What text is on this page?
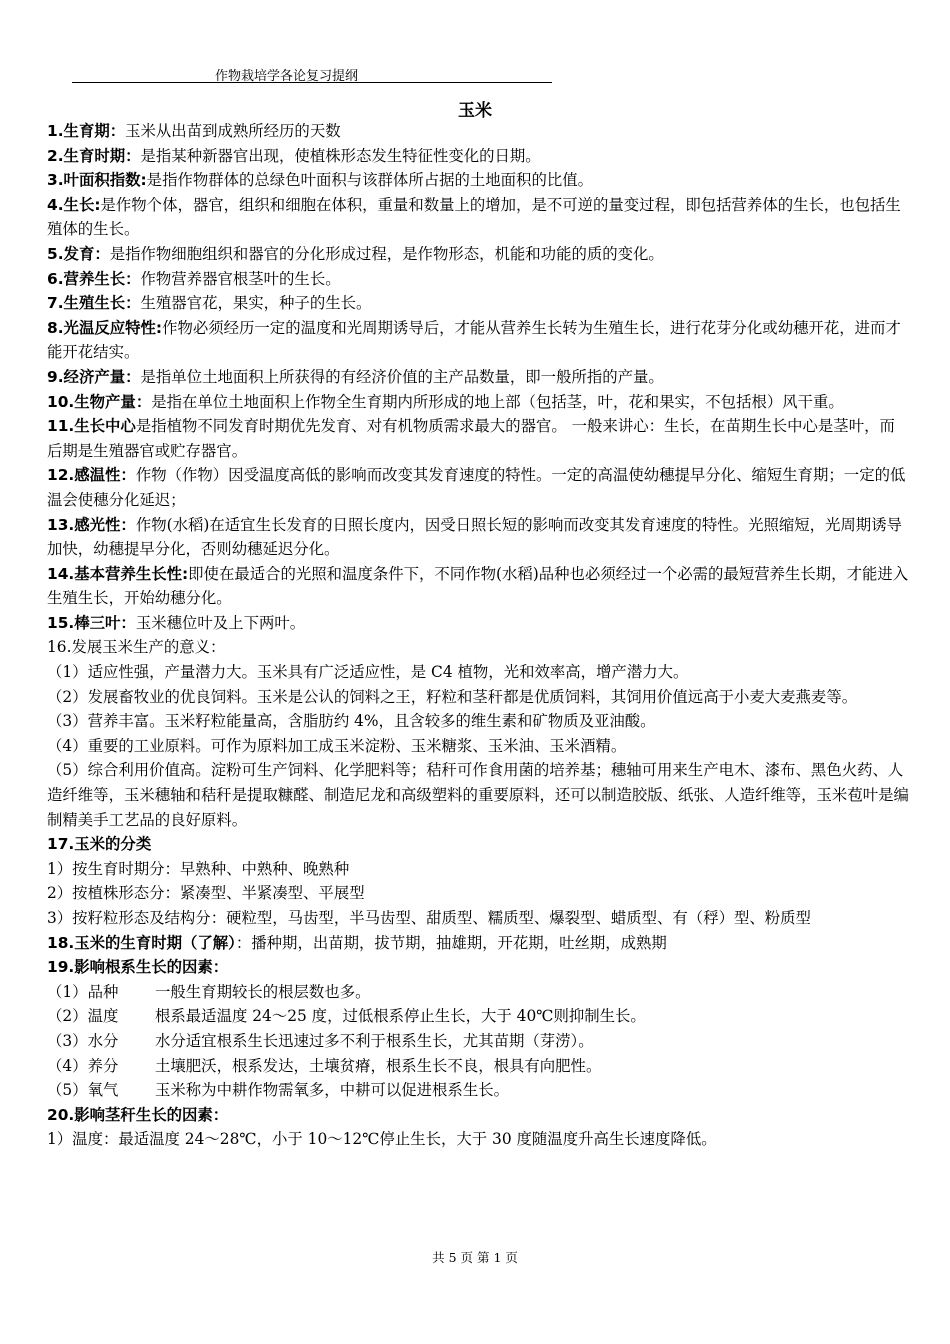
作物栽培学各论复习提纲
玉米
1.生育期：玉米从出苗到成熟所经历的天数
2.生育时期：是指某种新器官出现，使植株形态发生特征性变化的日期。
3.叶面积指数:是指作物群体的总绿色叶面积与该群体所占据的土地面积的比值。
4.生长:是作物个体，器官，组织和细胞在体积，重量和数量上的增加，是不可逆的量变过程，即包括营养体的生长，也包括生殖体的生长。
5.发育：是指作物细胞组织和器官的分化形成过程，是作物形态，机能和功能的质的变化。
6.营养生长：作物营养器官根茎叶的生长。
7.生殖生长：生殖器官花，果实，种子的生长。
8.光温反应特性:作物必须经历一定的温度和光周期诱导后，才能从营养生长转为生殖生长，进行花芽分化或幼穗开花，进而才能开花结实。
9.经济产量：是指单位土地面积上所获得的有经济价值的主产品数量，即一般所指的产量。
10.生物产量：是指在单位土地面积上作物全生育期内所形成的地上部（包括茎，叶，花和果实，不包括根）风干重。
11.生长中心是指植物不同发育时期优先发育、对有机物质需求最大的器官。 一般来讲心：生长，在苗期生长中心是茎叶，而后期是生殖器官或贮存器官。
12.感温性：作物（作物）因受温度高低的影响而改变其发育速度的特性。一定的高温使幼穗提早分化、缩短生育期；一定的低温会使穗分化延迟；
13.感光性：作物(水稻)在适宜生长发育的日照长度内，因受日照长短的影响而改变其发育速度的特性。光照缩短，光周期诱导加快，幼穗提早分化，否则幼穗延迟分化。
14.基本营养生长性:即使在最适合的光照和温度条件下，不同作物(水稻)品种也必须经过一个必需的最短营养生长期，才能进入生殖生长，开始幼穗分化。
15.棒三叶：玉米穗位叶及上下两叶。
16.发展玉米生产的意义：
（1）适应性强，产量潜力大。玉米具有广泛适应性，是 C4 植物，光和效率高，增产潜力大。
（2）发展畜牧业的优良饲料。玉米是公认的饲料之王，籽粒和茎秆都是优质饲料，其饲用价值远高于小麦大麦燕麦等。
（3）营养丰富。玉米籽粒能量高，含脂肪约 4%，且含较多的维生素和矿物质及亚油酸。
（4）重要的工业原料。可作为原料加工成玉米淀粉、玉米糖浆、玉米油、玉米酒精。
（5）综合利用价值高。淀粉可生产饲料、化学肥料等；秸秆可作食用菌的培养基；穗轴可用来生产电木、漆布、黑色火药、人造纤维等，玉米穗轴和秸秆是提取糠醛、制造尼龙和高级塑料的重要原料，还可以制造胶版、纸张、人造纤维等，玉米苞叶是编制精美手工艺品的良好原料。
17.玉米的分类
1）按生育时期分：早熟种、中熟种、晚熟种
2）按植株形态分：紧凑型、半紧凑型、平展型
3）按籽粒形态及结构分：硬粒型，马齿型，半马齿型、甜质型、糯质型、爆裂型、蜡质型、有（稃）型、粉质型
18.玉米的生育时期（了解）：播种期，出苗期，拔节期，抽雄期，开花期，吐丝期，成熟期
19.影响根系生长的因素：
（1）品种 一般生育期较长的根层数也多。
（2）温度 根系最适温度 24～25 度，过低根系停止生长，大于 40℃则抑制生长。
（3）水分 水分适宜根系生长迅速过多不利于根系生长，尤其苗期（芽涝）。
（4）养分 土壤肥沃，根系发达，土壤贫瘠，根系生长不良，根具有向肥性。
（5）氧气 玉米称为中耕作物需氧多，中耕可以促进根系生长。
20.影响茎秆生长的因素：
1）温度：最适温度 24～28℃，小于 10～12℃停止生长，大于 30 度随温度升高生长速度降低。
共 5 页 第 1 页
